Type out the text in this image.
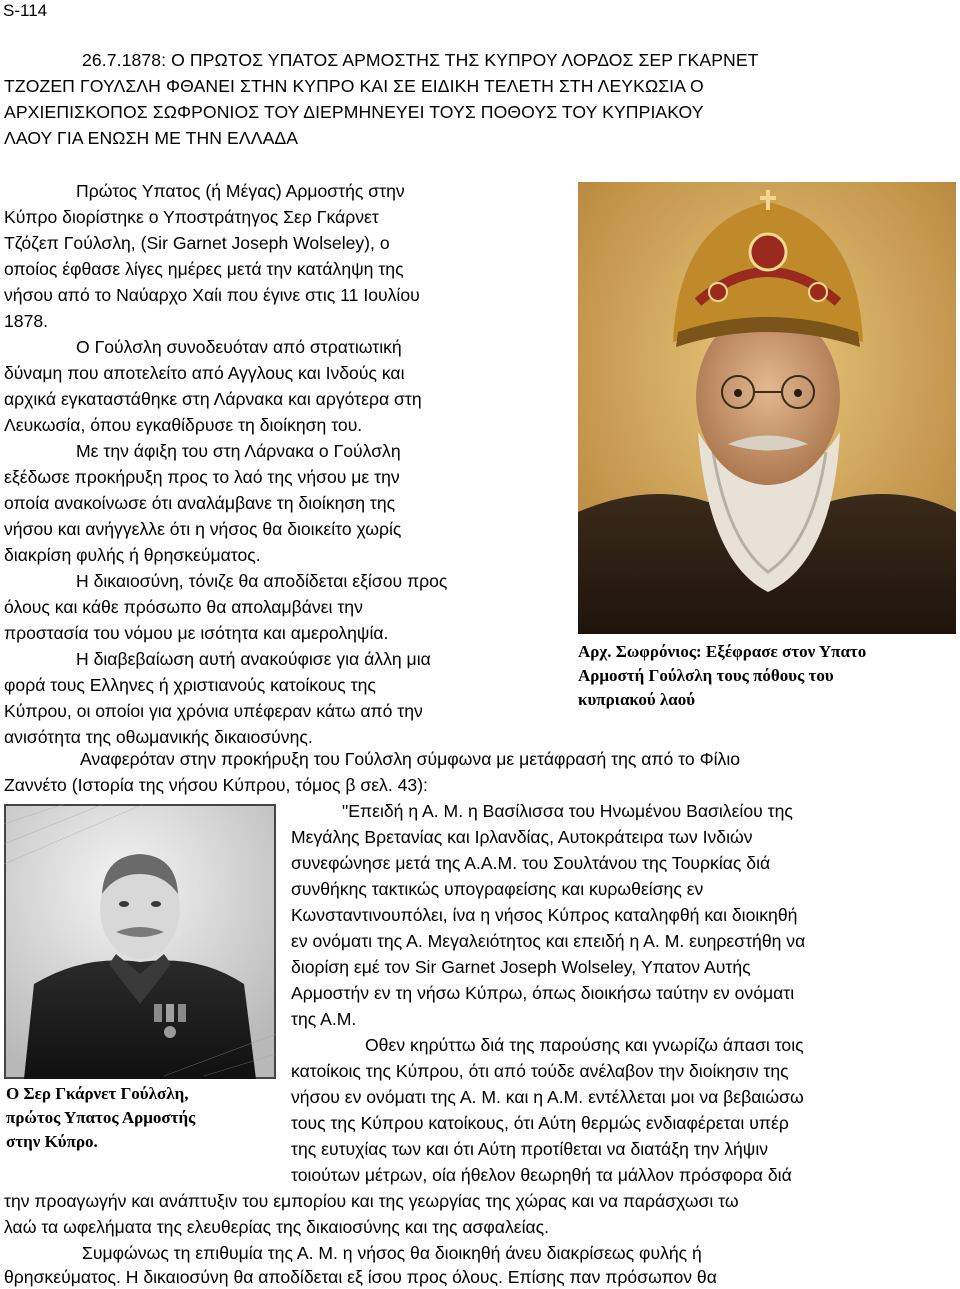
S-114
26.7.1878: Ο ΠΡΩΤΟΣ ΥΠΑΤΟΣ ΑΡΜΟΣΤΗΣ ΤΗΣ ΚΥΠΡΟΥ ΛΟΡΔΟΣ ΣΕΡ ΓΚΑΡΝΕΤ
ΤΖΟΖΕΠ ΓΟΥΛΣΛΗ ΦΘΑΝΕΙ ΣΤΗΝ ΚΥΠΡΟ ΚΑΙ ΣΕ ΕΙΔΙΚΗ ΤΕΛΕΤΗ ΣΤΗ ΛΕΥΚΩΣΙΑ Ο
ΑΡΧΙΕΠΙΣΚΟΠΟΣ ΣΩΦΡΟΝΙΟΣ ΤΟΥ ΔΙΕΡΜΗΝΕΥΕΙ ΤΟΥΣ ΠΟΘΟΥΣ ΤΟΥ ΚΥΠΡΙΑΚΟΥ
ΛΑΟΥ ΓΙΑ ΕΝΩΣΗ ΜΕ ΤΗΝ ΕΛΛΑΔΑ
Πρώτος Υπατος (ή Μέγας) Αρμοστής στην
Κύπρο διορίστηκε ο Υποστράτηγος Σερ Γκάρνετ
Τζόζεπ Γούλσλη, (Sir Garnet Joseph Wolseley), ο
οποίος έφθασε λίγες ημέρες μετά την κατάληψη της
νήσου από το Ναύαρχο Χαίι που έγινε στις 11 Ιουλίου
1878.
Ο Γούλσλη συνοδευόταν από στρατιωτική
δύναμη που αποτελείτο από Αγγλους και Ινδούς και
αρχικά εγκαταστάθηκε στη Λάρνακα και αργότερα στη
Λευκωσία, όπου εγκαθίδρυσε τη διοίκηση του.
Με την άφιξη του στη Λάρνακα ο Γούλσλη
εξέδωσε προκήρυξη προς το λαό της νήσου με την
οποία ανακοίνωσε ότι αναλάμβανε τη διοίκηση της
νήσου και ανήγγελλε ότι η νήσος θα διοικείτο χωρίς
διακρίση φυλής ή θρησκεύματος.
Η δικαιοσύνη, τόνιζε θα αποδίδεται εξίσου προς
όλους και κάθε πρόσωπο θα απολαμβάνει την
προστασία του νόμου με ισότητα και αμεροληψία.
Η διαβεβαίωση αυτή ανακούφισε για άλλη μια
φορά τους Ελληνες ή χριστιανούς κατοίκους της
Κύπρου, οι οποίοι για χρόνια υπέφεραν κάτω από την
ανισότητα της οθωμανικής δικαιοσύνης.
Αρχ. Σωφρόνιος: Εξέφρασε στον Υπατο
Αρμοστή Γούλσλη τους πόθους του
κυπριακού λαού
Αναφερόταν στην προκήρυξη του Γούλσλη σύμφωνα με μετάφρασή της από το Φίλιο
Ζαννέτο (Ιστορία της νήσου Κύπρου, τόμος β σελ. 43):
Ο Σερ Γκάρνετ Γούλσλη,
πρώτος Υπατος Αρμοστής
στην Κύπρο.
"Επειδή η Α. Μ. η Βασίλισσα του Ηνωμένου Βασιλείου της
Μεγάλης Βρετανίας και Ιρλανδίας, Αυτοκράτειρα των Ινδιών
συνεφώνησε μετά της Α.Α.Μ. του Σουλτάνου της Τουρκίας διά
συνθήκης τακτικώς υπογραφείσης και κυρωθείσης εν
Κωνσταντινουπόλει, ίνα η νήσος Κύπρος καταληφθή και διοικηθή
εν ονόματι της Α. Μεγαλειότητος και επειδή η Α. Μ. ευηρεστήθη να
διορίση εμέ τον Sir Garnet Joseph Wolseley, Υπατον Αυτής
Αρμοστήν εν τη νήσω Κύπρω, όπως διοικήσω ταύτην εν ονόματι
της Α.Μ.
Οθεν κηρύττω διά της παρούσης και γνωρίζω άπασι τοις
κατοίκοις της Κύπρου, ότι από τούδε ανέλαβον την διοίκησιν της
νήσου εν ονόματι της Α. Μ. και η Α.Μ. εντέλλεται μοι να βεβαιώσω
τους της Κύπρου κατοίκους, ότι Αύτη θερμώς ενδιαφέρεται υπέρ
της ευτυχίας των και ότι Αύτη προτίθεται να διατάξη την λήψιν
τοιούτων μέτρων, οία ήθελον θεωρηθή τα μάλλον πρόσφορα διά
την προαγωγήν και ανάπτυξιν του εμπορίου και της γεωργίας της χώρας και να παράσχωσι τω
λαώ τα ωφελήματα της ελευθερίας της δικαιοσύνης και της ασφαλείας.
Συμφώνως τη επιθυμία της Α. Μ. η νήσος θα διοικηθή άνευ διακρίσεως φυλής ή
θρησκεύματος. Η δικαιοσύνη θα αποδίδεται εξ ίσου προς όλους. Επίσης παν πρόσωπον θα
